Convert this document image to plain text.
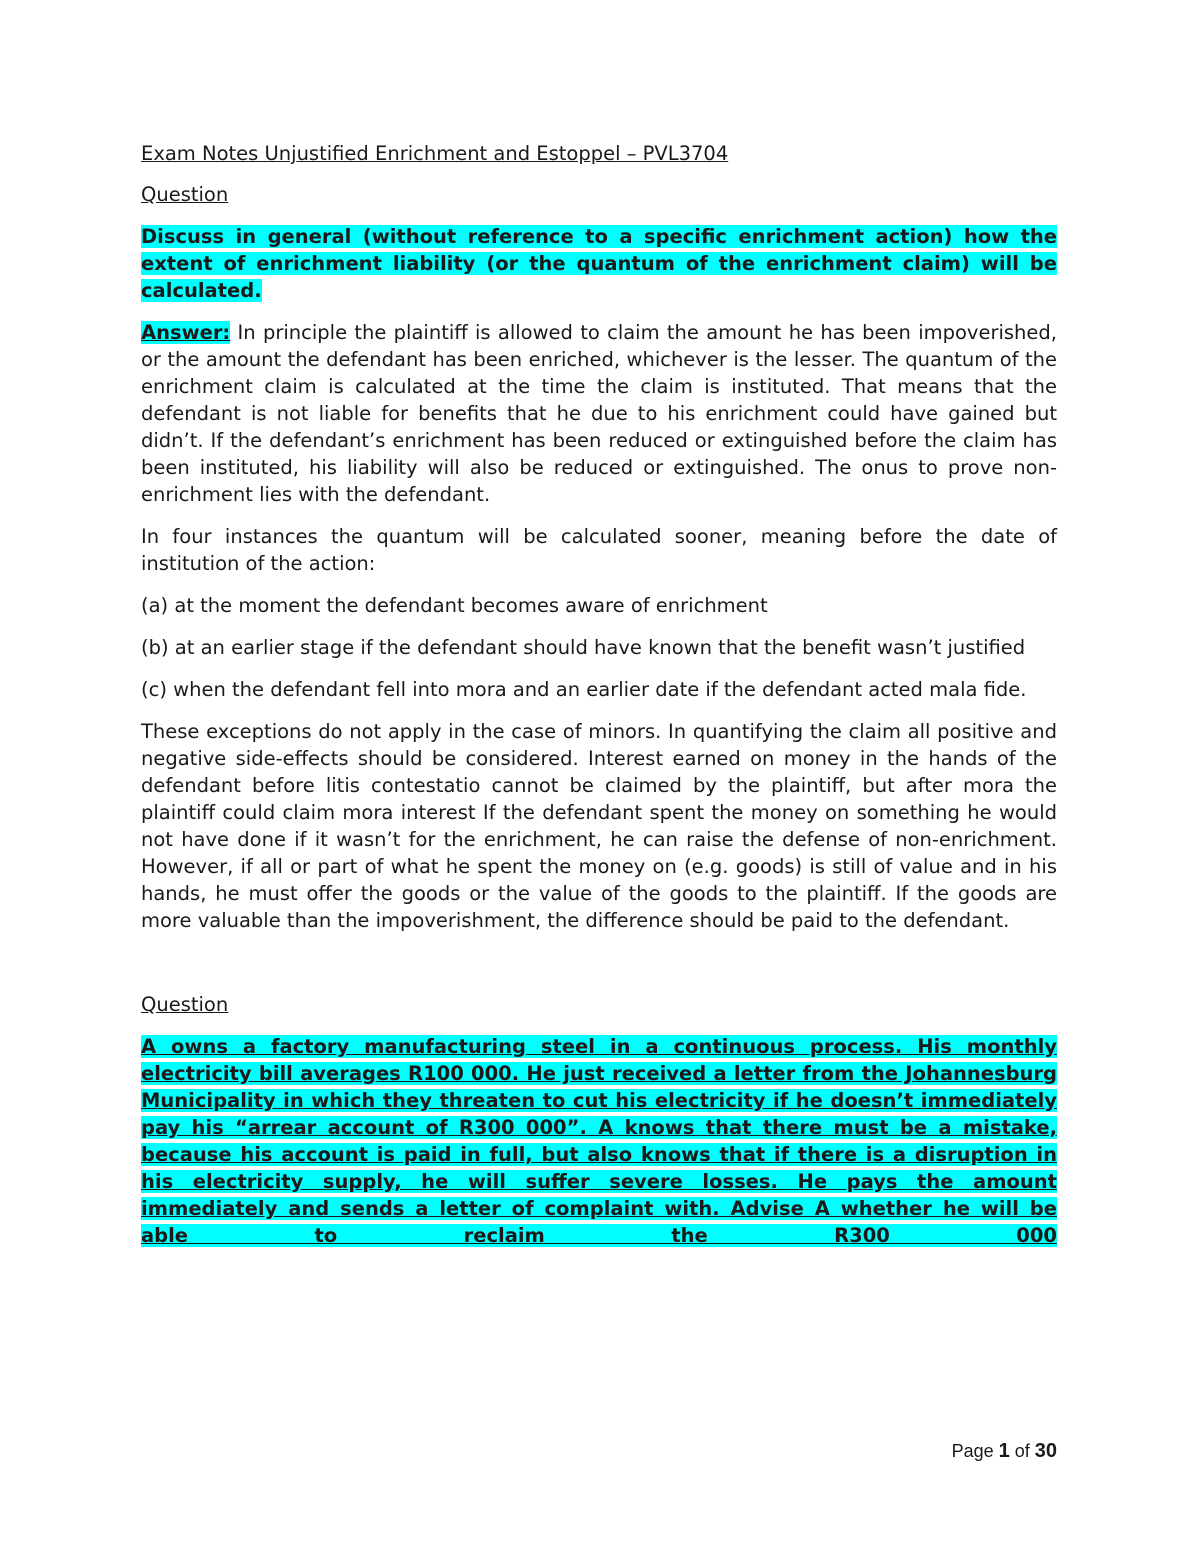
Exam Notes Unjustified Enrichment and Estoppel – PVL3704

Question

Discuss in general (without reference to a specific enrichment action) how the extent of enrichment liability (or the quantum of the enrichment claim) will be calculated.

Answer: In principle the plaintiff is allowed to claim the amount he has been impoverished, or the amount the defendant has been enriched, whichever is the lesser. The quantum of the enrichment claim is calculated at the time the claim is instituted. That means that the defendant is not liable for benefits that he due to his enrichment could have gained but didn’t. If the defendant’s enrichment has been reduced or extinguished before the claim has been instituted, his liability will also be reduced or extinguished. The onus to prove non-enrichment lies with the defendant.

In four instances the quantum will be calculated sooner, meaning before the date of institution of the action:

(a) at the moment the defendant becomes aware of enrichment

(b) at an earlier stage if the defendant should have known that the benefit wasn’t justified

(c) when the defendant fell into mora and an earlier date if the defendant acted mala fide.

These exceptions do not apply in the case of minors. In quantifying the claim all positive and negative side-effects should be considered. Interest earned on money in the hands of the defendant before litis contestatio cannot be claimed by the plaintiff, but after mora the plaintiff could claim mora interest If the defendant spent the money on something he would not have done if it wasn’t for the enrichment, he can raise the defense of non-enrichment. However, if all or part of what he spent the money on (e.g. goods) is still of value and in his hands, he must offer the goods or the value of the goods to the plaintiff. If the goods are more valuable than the impoverishment, the difference should be paid to the defendant.

Question

A owns a factory manufacturing steel in a continuous process. His monthly electricity bill averages R100 000. He just received a letter from the Johannesburg Municipality in which they threaten to cut his electricity if he doesn’t immediately pay his “arrear account of R300 000”. A knows that there must be a mistake, because his account is paid in full, but also knows that if there is a disruption in his electricity supply, he will suffer severe losses. He pays the amount immediately and sends a letter of complaint with. Advise A whether he will be able to reclaim the R300 000

Page 1 of 30
